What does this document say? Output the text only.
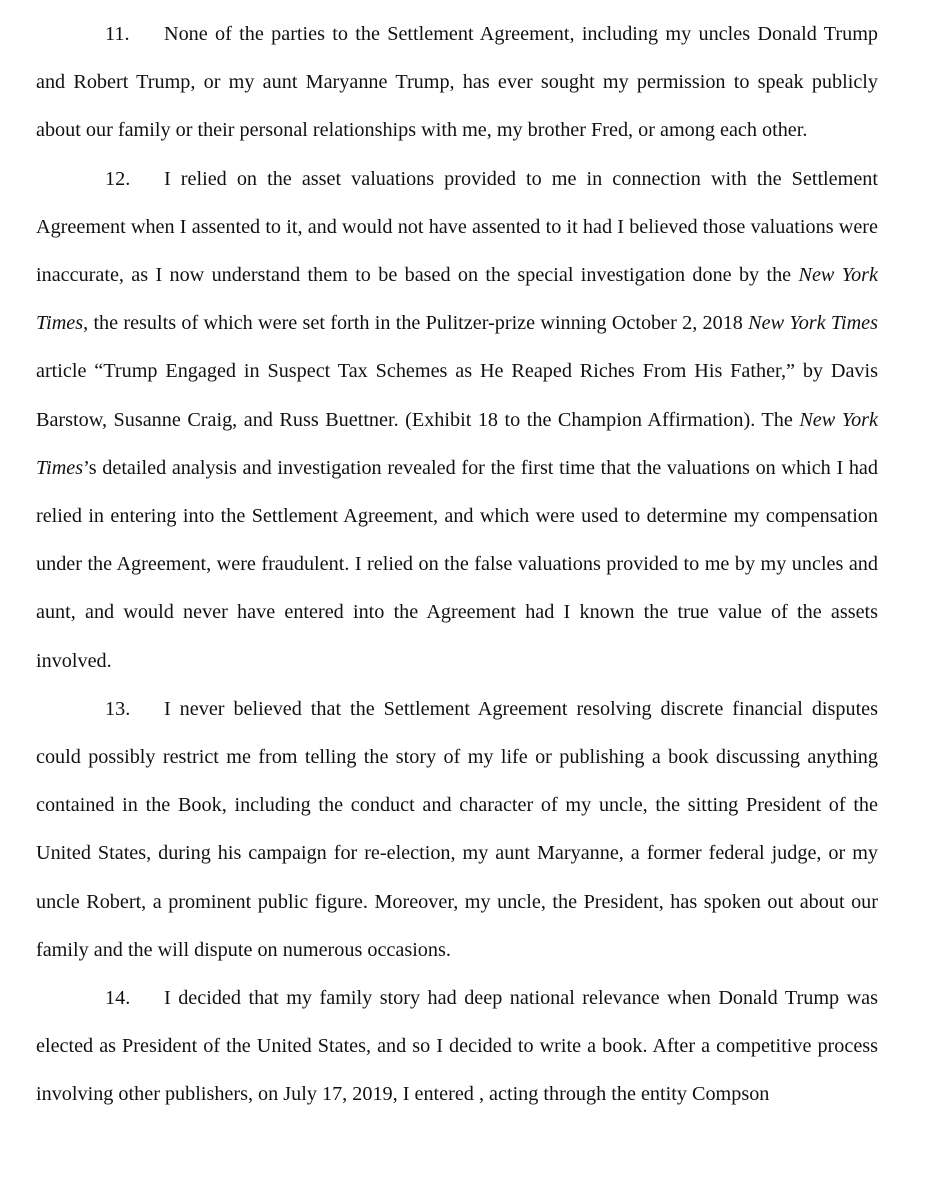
11. None of the parties to the Settlement Agreement, including my uncles Donald Trump and Robert Trump, or my aunt Maryanne Trump, has ever sought my permission to speak publicly about our family or their personal relationships with me, my brother Fred, or among each other.

12. I relied on the asset valuations provided to me in connection with the Settlement Agreement when I assented to it, and would not have assented to it had I believed those valuations were inaccurate, as I now understand them to be based on the special investigation done by the New York Times, the results of which were set forth in the Pulitzer-prize winning October 2, 2018 New York Times article “Trump Engaged in Suspect Tax Schemes as He Reaped Riches From His Father,” by Davis Barstow, Susanne Craig, and Russ Buettner. (Exhibit 18 to the Champion Affirmation). The New York Times’s detailed analysis and investigation revealed for the first time that the valuations on which I had relied in entering into the Settlement Agreement, and which were used to determine my compensation under the Agreement, were fraudulent. I relied on the false valuations provided to me by my uncles and aunt, and would never have entered into the Agreement had I known the true value of the assets involved.

13. I never believed that the Settlement Agreement resolving discrete financial disputes could possibly restrict me from telling the story of my life or publishing a book discussing anything contained in the Book, including the conduct and character of my uncle, the sitting President of the United States, during his campaign for re-election, my aunt Maryanne, a former federal judge, or my uncle Robert, a prominent public figure. Moreover, my uncle, the President, has spoken out about our family and the will dispute on numerous occasions.

14. I decided that my family story had deep national relevance when Donald Trump was elected as President of the United States, and so I decided to write a book. After a competitive process involving other publishers, on July 17, 2019, I entered , acting through the entity Compson
